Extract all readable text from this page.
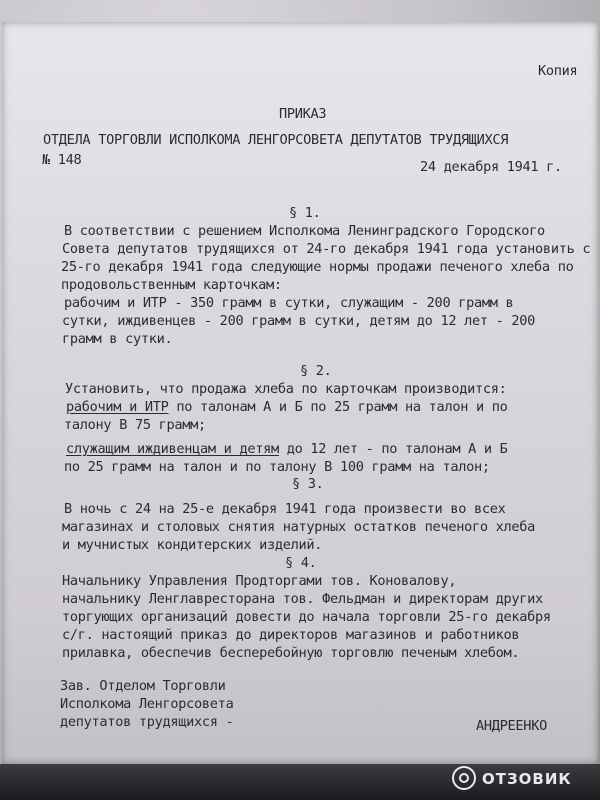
Копия
ПРИКАЗ
ОТДЕЛА ТОРГОВЛИ ИСПОЛКОМА ЛЕНГОРСОВЕТА ДЕПУТАТОВ ТРУДЯЩИХСЯ
№ 148	24 декабря 1941 г.
§ 1.
В соответствии с решением Исполкома Ленинградского Городского
Совета депутатов трудящихся от 24-го декабря 1941 года установить с
25-го декабря 1941 года следующие нормы продажи печеного хлеба по
продовольственным карточкам:
рабочим и ИТР - 350 грамм в сутки, служащим - 200 грамм в
сутки, иждивенцев - 200 грамм в сутки, детям до 12 лет - 200
грамм в сутки.
§ 2.
Установить, что продажа хлеба по карточкам производится:
рабочим и ИТР по талонам А и Б по 25 грамм на талон и по
талону В 75 грамм;
служащим иждивенцам и детям до 12 лет - по талонам А и Б
по 25 грамм на талон и по талону В 100 грамм на талон;
§ 3.
В ночь с 24 на 25-е декабря 1941 года произвести во всех
магазинах и столовых снятия натурных остатков печеного хлеба
и мучнистых кондитерских изделий.
§ 4.
Начальнику Управления Продторгами тов. Коновалову,
начальнику Ленглавресторана тов. Фельдман и директорам других
торгующих организаций довести до начала торговли 25-го декабря
с/г. настоящий приказ до директоров магазинов и работников
прилавка, обеспечив бесперебойную торговлю печеным хлебом.
Зав. Отделом Торговли
Исполкома Ленгорсовета
депутатов трудящихся -	АНДРЕЕНКО
ОТЗОВИК
